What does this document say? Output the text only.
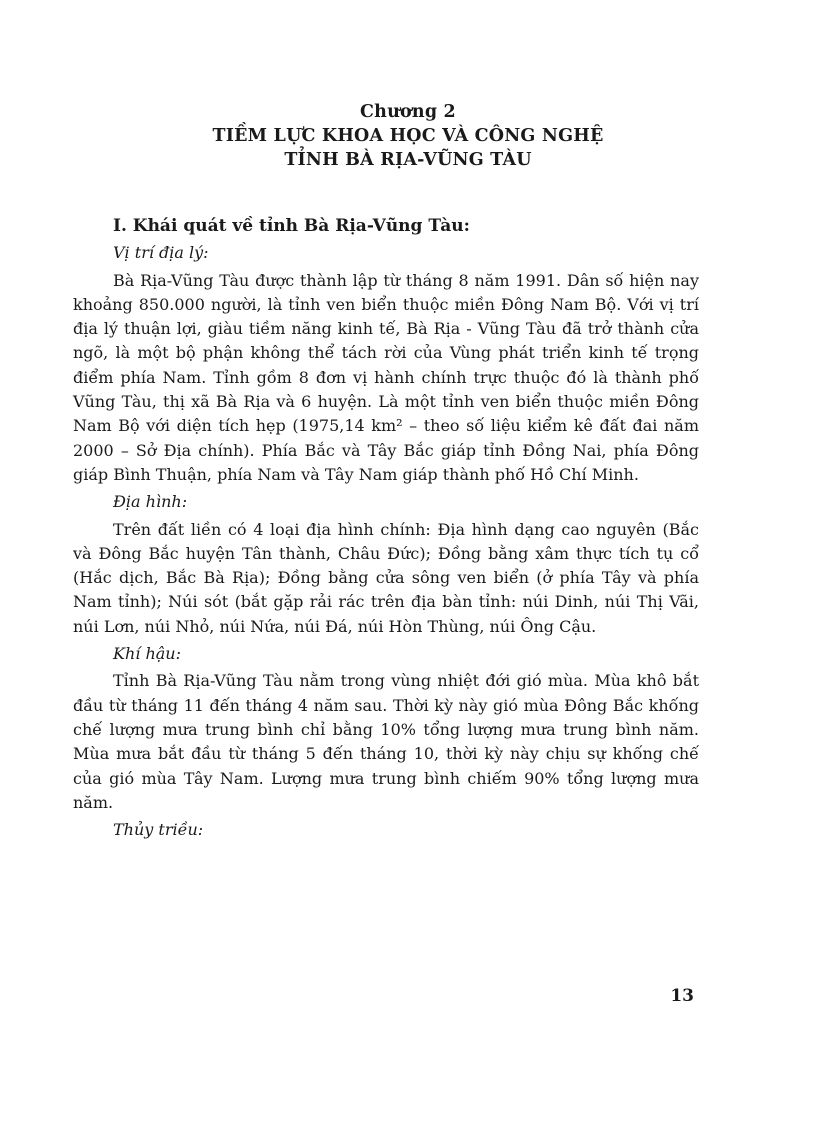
Chương 2
TIỀM LỰC KHOA HỌC VÀ CÔNG NGHỆ
TỈNH BÀ RỊA-VŨNG TÀU
I. Khái quát về tỉnh Bà Rịa-Vũng Tàu:
Vị trí địa lý:

Bà Rịa-Vũng Tàu được thành lập từ tháng 8 năm 1991. Dân số hiện nay khoảng 850.000 người, là tỉnh ven biển thuộc miền Đông Nam Bộ. Với vị trí địa lý thuận lợi, giàu tiềm năng kinh tế, Bà Rịa - Vũng Tàu đã trở thành cửa ngõ, là một bộ phận không thể tách rời của Vùng phát triển kinh tế trọng điểm phía Nam. Tỉnh gồm 8 đơn vị hành chính trực thuộc đó là thành phố Vũng Tàu, thị xã Bà Rịa và 6 huyện. Là một tỉnh ven biển thuộc miền Đông Nam Bộ với diện tích hẹp (1975,14 km² – theo số liệu kiểm kê đất đai năm 2000 – Sở Địa chính). Phía Bắc và Tây Bắc giáp tỉnh Đồng Nai, phía Đông giáp Bình Thuận, phía Nam và Tây Nam giáp thành phố Hồ Chí Minh.

Địa hình:

Trên đất liền có 4 loại địa hình chính: Địa hình dạng cao nguyên (Bắc và Đông Bắc huyện Tân thành, Châu Đức); Đồng bằng xâm thực tích tụ cổ (Hắc dịch, Bắc Bà Rịa); Đồng bằng cửa sông ven biển (ở phía Tây và phía Nam tỉnh); Núi sót (bắt gặp rải rác trên địa bàn tỉnh: núi Dinh, núi Thị Vãi, núi Lơn, núi Nhỏ, núi Nứa, núi Đá, núi Hòn Thùng, núi Ông Cậu.

Khí hậu:

Tỉnh Bà Rịa-Vũng Tàu nằm trong vùng nhiệt đới gió mùa. Mùa khô bắt đầu từ tháng 11 đến tháng 4 năm sau. Thời kỳ này gió mùa Đông Bắc khống chế lượng mưa trung bình chỉ bằng 10% tổng lượng mưa trung bình năm. Mùa mưa bắt đầu từ tháng 5 đến tháng 10, thời kỳ này chịu sự khống chế của gió mùa Tây Nam. Lượng mưa trung bình chiếm 90% tổng lượng mưa năm.

Thủy triều:
13
